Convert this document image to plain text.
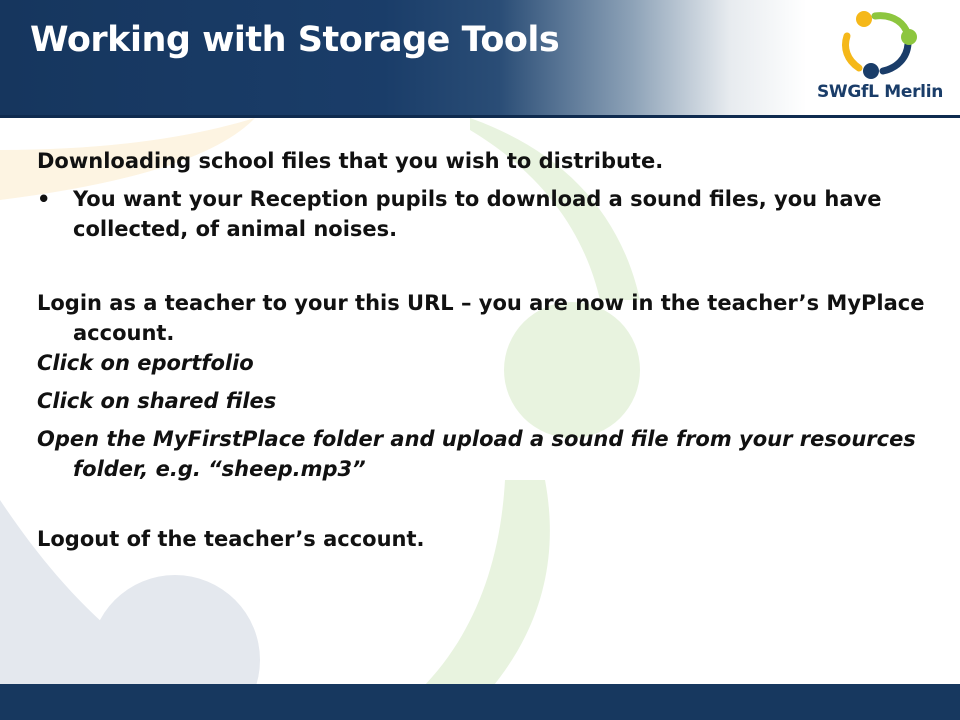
Working with Storage Tools
SWGfL Merlin

Downloading school files that you wish to distribute.

• You want your Reception pupils to download a sound files, you have collected, of animal noises.

Login as a teacher to your this URL – you are now in the teacher’s MyPlace account.

Click on eportfolio

Click on shared files

Open the MyFirstPlace folder and upload a sound file from your resources folder, e.g. “sheep.mp3”

Logout of the teacher’s account.
